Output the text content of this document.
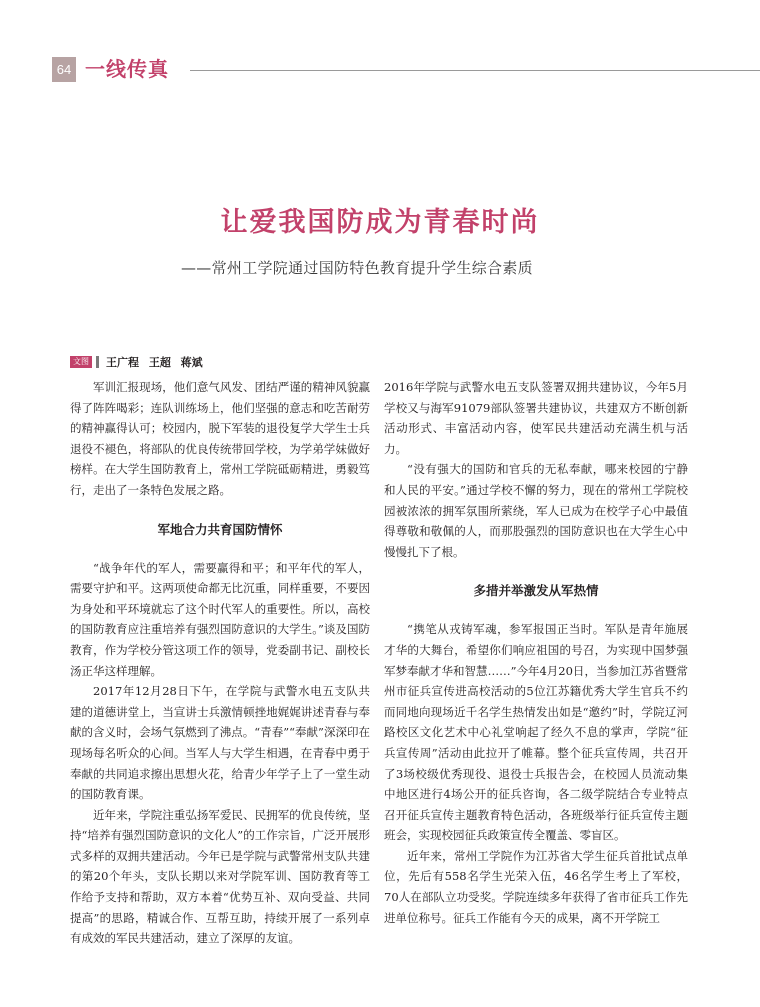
64 一线传真
让爱我国防成为青春时尚
——常州工学院通过国防特色教育提升学生综合素质
文图 王广程 王超 蒋斌

军训汇报现场，他们意气风发、团结严谨的精神风貌赢得了阵阵喝彩；连队训练场上，他们坚强的意志和吃苦耐劳的精神赢得认可；校园内，脱下军装的退役复学大学生士兵退役不褪色，将部队的优良传统带回学校，为学弟学妹做好榜样。在大学生国防教育上，常州工学院砥砺精进，勇毅笃行，走出了一条特色发展之路。

军地合力共育国防情怀

“战争年代的军人，需要赢得和平；和平年代的军人，需要守护和平。这两项使命都无比沉重，同样重要，不要因为身处和平环境就忘了这个时代军人的重要性。所以，高校的国防教育应注重培养有强烈国防意识的大学生。”谈及国防教育，作为学校分管这项工作的领导，党委副书记、副校长汤正华这样理解。

2017年12月28日下午，在学院与武警水电五支队共建的道德讲堂上，当宣讲士兵激情顿挫地娓娓讲述青春与奉献的含义时，会场气氛燃到了沸点。“青春”“奉献”深深印在现场每名听众的心间。当军人与大学生相遇，在青春中勇于奉献的共同追求擦出思想火花，给青少年学子上了一堂生动的国防教育课。

近年来，学院注重弘扬军爱民、民拥军的优良传统，坚持“培养有强烈国防意识的文化人”的工作宗旨，广泛开展形式多样的双拥共建活动。今年已是学院与武警常州支队共建的第20个年头，支队长期以来对学院军训、国防教育等工作给予支持和帮助，双方本着“优势互补、双向受益、共同提高”的思路，精诚合作、互帮互助，持续开展了一系列卓有成效的军民共建活动，建立了深厚的友谊。

2016年学院与武警水电五支队签署双拥共建协议，今年5月学校又与海军91079部队签署共建协议，共建双方不断创新活动形式、丰富活动内容，使军民共建活动充满生机与活力。

“没有强大的国防和官兵的无私奉献，哪来校园的宁静和人民的平安。”通过学校不懈的努力，现在的常州工学院校园被浓浓的拥军氛围所萦绕，军人已成为在校学子心中最值得尊敬和敬佩的人，而那股强烈的国防意识也在大学生心中慢慢扎下了根。

多措并举激发从军热情

“携笔从戎铸军魂，参军报国正当时。军队是青年施展才华的大舞台，希望你们响应祖国的号召，为实现中国梦强军梦奉献才华和智慧……”今年4月20日，当参加江苏省暨常州市征兵宣传进高校活动的5位江苏籍优秀大学生官兵不约而同地向现场近千名学生热情发出如是“邀约”时，学院辽河路校区文化艺术中心礼堂响起了经久不息的掌声，学院“征兵宣传周”活动由此拉开了帷幕。整个征兵宣传周，共召开了3场校级优秀现役、退役士兵报告会，在校园人员流动集中地区进行4场公开的征兵咨询，各二级学院结合专业特点召开征兵宣传主题教育特色活动，各班级举行征兵宣传主题班会，实现校园征兵政策宣传全覆盖、零盲区。

近年来，常州工学院作为江苏省大学生征兵首批试点单位，先后有558名学生光荣入伍，46名学生考上了军校，70人在部队立功受奖。学院连续多年获得了省市征兵工作先进单位称号。征兵工作能有今天的成果，离不开学院工
